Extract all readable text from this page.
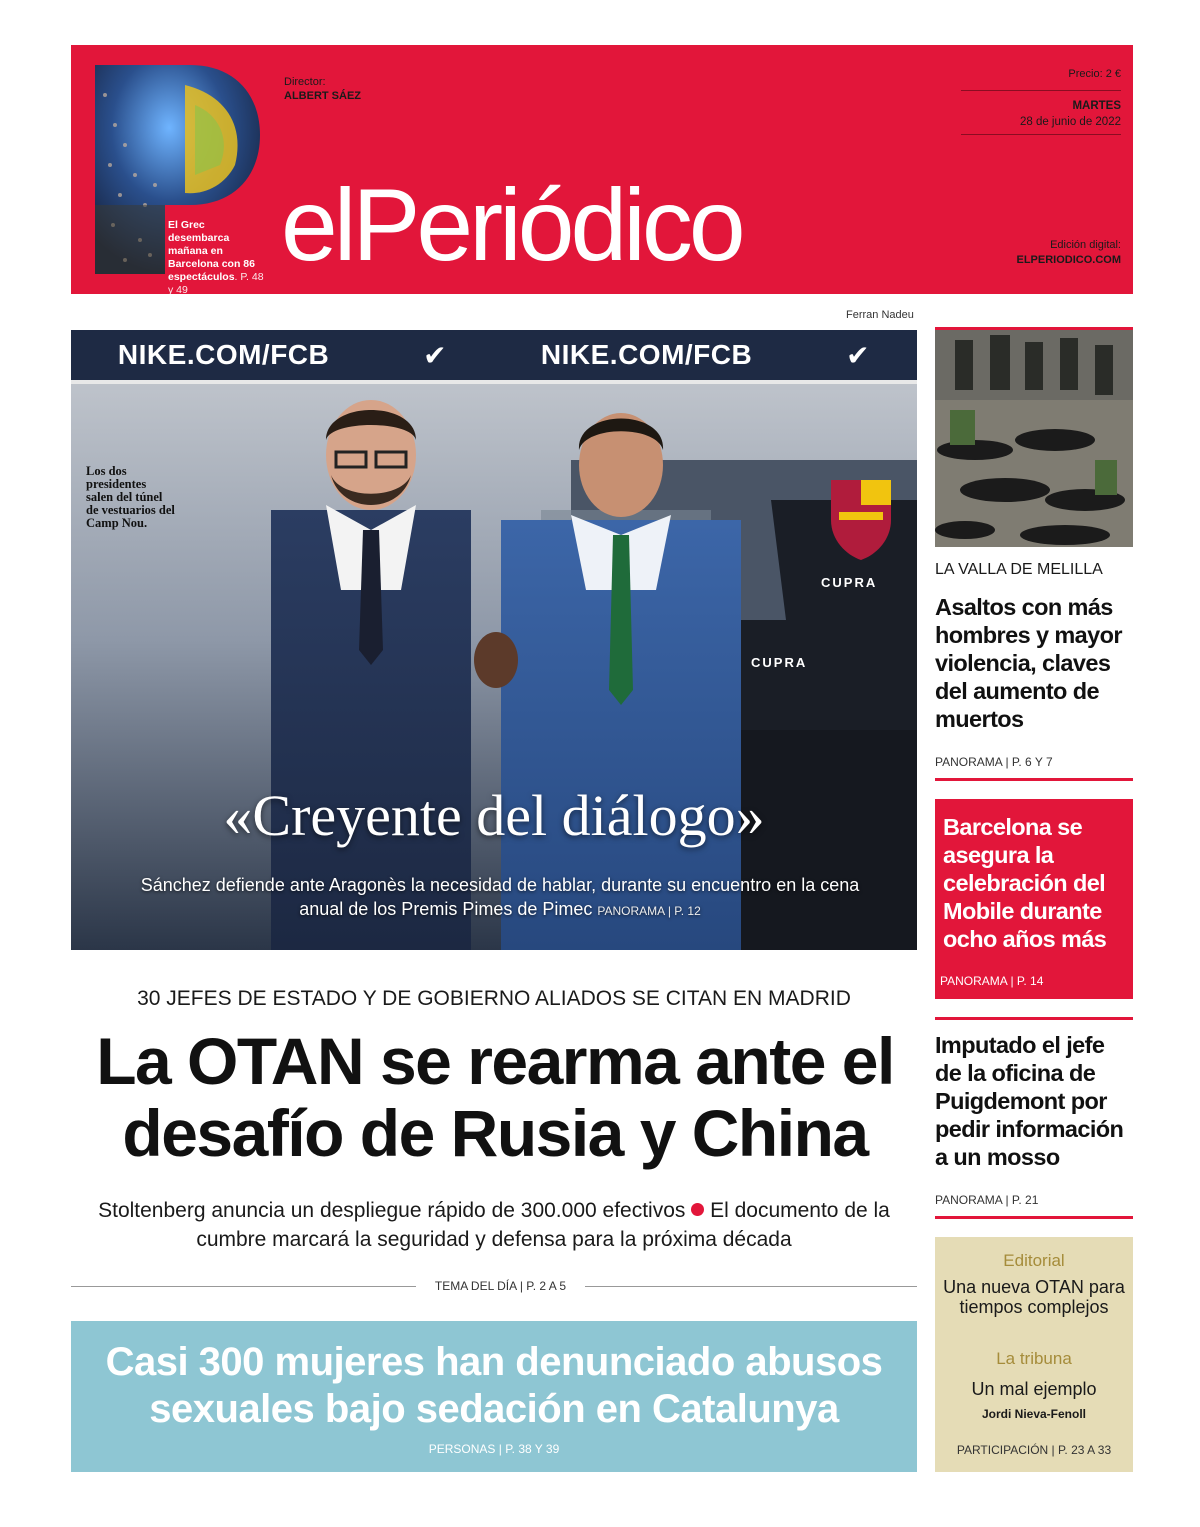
El Grec desembarca mañana en Barcelona con 86 espectáculos. P. 48 y 49
Director:
ALBERT SÁEZ
elPeriódico
Precio: 2 €
MARTES
28 de junio de 2022
Edición digital:
ELPERIODICO.COM
Ferran Nadeu
NIKE.COM/FCB	✔	NIKE.COM/FCB	✔
CUPRA
CUPRA
Los dos presidentes salen del túnel de vestuarios del Camp Nou.
«Creyente del diálogo»
Sánchez defiende ante Aragonès la necesidad de hablar, durante su encuentro en la cena anual de los Premis Pimes de Pimec PANORAMA | P. 12
30 JEFES DE ESTADO Y DE GOBIERNO ALIADOS SE CITAN EN MADRID
La OTAN se rearma ante el desafío de Rusia y China
Stoltenberg anuncia un despliegue rápido de 300.000 efectivos El documento de la cumbre marcará la seguridad y defensa para la próxima década
TEMA DEL DÍA | P. 2 A 5
Casi 300 mujeres han denunciado abusos sexuales bajo sedación en Catalunya
PERSONAS | P. 38 Y 39
LA VALLA DE MELILLA
Asaltos con más hombres y mayor violencia, claves del aumento de muertos
PANORAMA | P. 6 Y 7
Barcelona se asegura la celebración del Mobile durante ocho años más
PANORAMA | P. 14
Imputado el jefe de la oficina de Puigdemont por pedir información a un mosso
PANORAMA | P. 21
Editorial
Una nueva OTAN para tiempos complejos
La tribuna
Un mal ejemplo
Jordi Nieva-Fenoll
PARTICIPACIÓN | P. 23 A 33
